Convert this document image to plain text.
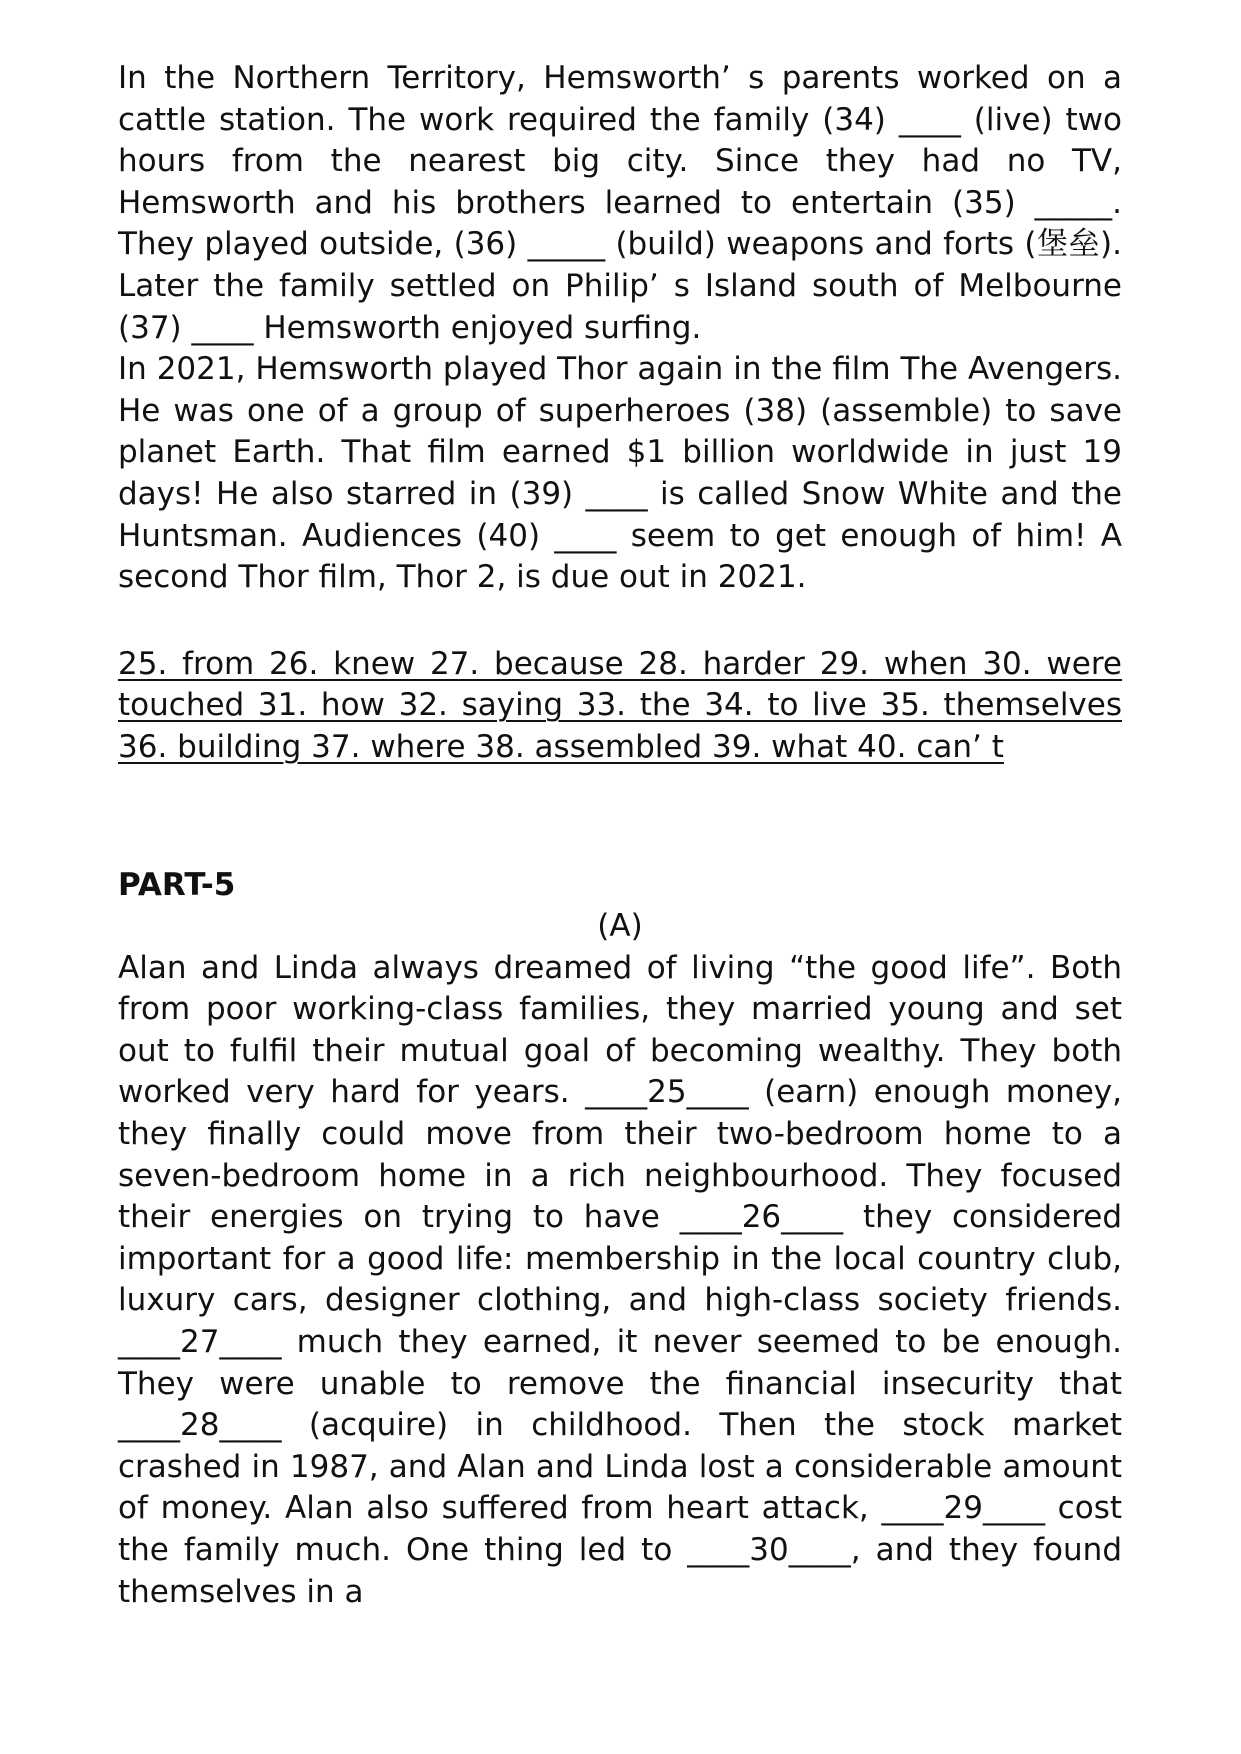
In the Northern Territory, Hemsworth’ s parents worked on a cattle station. The work required the family (34) ____ (live) two hours from the nearest big city. Since they had no TV, Hemsworth and his brothers learned to entertain (35) _____. They played outside, (36) _____ (build) weapons and forts (堡垒). Later the family settled on Philip’ s Island south of Melbourne (37) ____ Hemsworth enjoyed surfing.

In 2021, Hemsworth played Thor again in the film The Avengers. He was one of a group of superheroes (38) (assemble) to save planet Earth. That film earned $1 billion worldwide in just 19 days! He also starred in (39) ____ is called Snow White and the Huntsman. Audiences (40) ____ seem to get enough of him! A second Thor film, Thor 2, is due out in 2021.

25. from 26. knew 27. because 28. harder 29. when 30. were touched 31. how 32. saying 33. the 34. to live 35. themselves 36. building 37. where 38. assembled 39. what 40. can’ t

PART-5

(A)

Alan and Linda always dreamed of living “the good life”. Both from poor working-class families, they married young and set out to fulfil their mutual goal of becoming wealthy. They both worked very hard for years. ____25____ (earn) enough money, they finally could move from their two-bedroom home to a seven-bedroom home in a rich neighbourhood. They focused their energies on trying to have ____26____ they considered important for a good life: membership in the local country club, luxury cars, designer clothing, and high-class society friends. ____27____ much they earned, it never seemed to be enough. They were unable to remove the financial insecurity that ____28____ (acquire) in childhood. Then the stock market crashed in 1987, and Alan and Linda lost a considerable amount of money. Alan also suffered from heart attack, ____29____ cost the family much. One thing led to ____30____, and they found themselves in a
